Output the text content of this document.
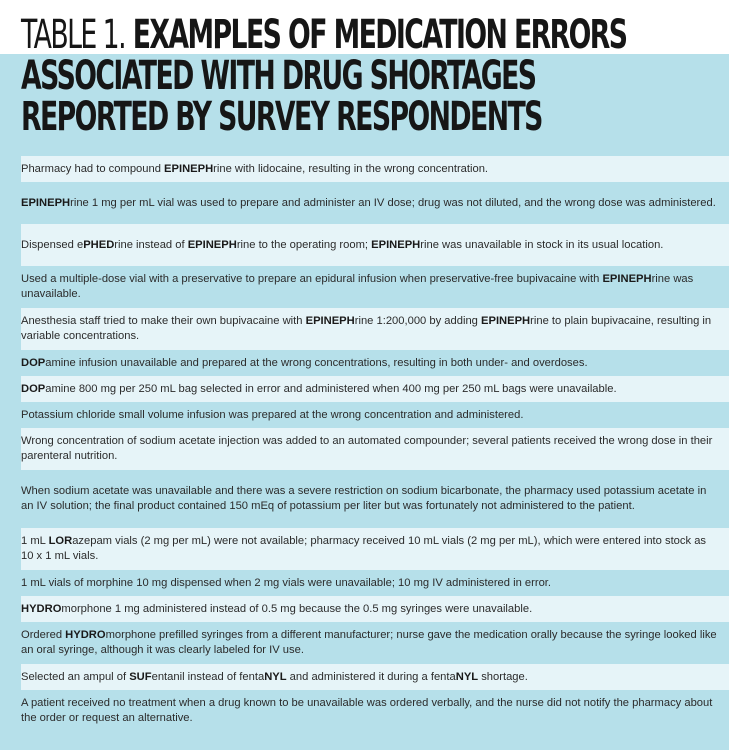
TABLE 1. EXAMPLES OF MEDICATION ERRORS
ASSOCIATED WITH DRUG SHORTAGES
REPORTED BY SURVEY RESPONDENTS
Pharmacy had to compound EPINEPHrine with lidocaine, resulting in the wrong concentration.
EPINEPHrine 1 mg per mL vial was used to prepare and administer an IV dose; drug was not diluted, and the wrong dose was administered.
Dispensed ePHEDrine instead of EPINEPHrine to the operating room; EPINEPHrine was unavailable in stock in its usual location.
Used a multiple-dose vial with a preservative to prepare an epidural infusion when preservative-free bupivacaine with EPINEPHrine was unavailable.
Anesthesia staff tried to make their own bupivacaine with EPINEPHrine 1:200,000 by adding EPINEPHrine to plain bupivacaine, resulting in variable concentrations.
DOPamine infusion unavailable and prepared at the wrong concentrations, resulting in both under- and overdoses.
DOPamine 800 mg per 250 mL bag selected in error and administered when 400 mg per 250 mL bags were unavailable.
Potassium chloride small volume infusion was prepared at the wrong concentration and administered.
Wrong concentration of sodium acetate injection was added to an automated compounder; several patients received the wrong dose in their parenteral nutrition.
When sodium acetate was unavailable and there was a severe restriction on sodium bicarbonate, the pharmacy used potassium acetate in an IV solution; the final product contained 150 mEq of potassium per liter but was fortunately not administered to the patient.
1 mL LORazepam vials (2 mg per mL) were not available; pharmacy received 10 mL vials (2 mg per mL), which were entered into stock as 10 x 1 mL vials.
1 mL vials of morphine 10 mg dispensed when 2 mg vials were unavailable; 10 mg IV administered in error.
HYDROmorphone 1 mg administered instead of 0.5 mg because the 0.5 mg syringes were unavailable.
Ordered HYDROmorphone prefilled syringes from a different manufacturer; nurse gave the medication orally because the syringe looked like an oral syringe, although it was clearly labeled for IV use.
Selected an ampul of SUFentanil instead of fentaNYL and administered it during a fentaNYL shortage.
A patient received no treatment when a drug known to be unavailable was ordered verbally, and the nurse did not notify the pharmacy about the order or request an alternative.
